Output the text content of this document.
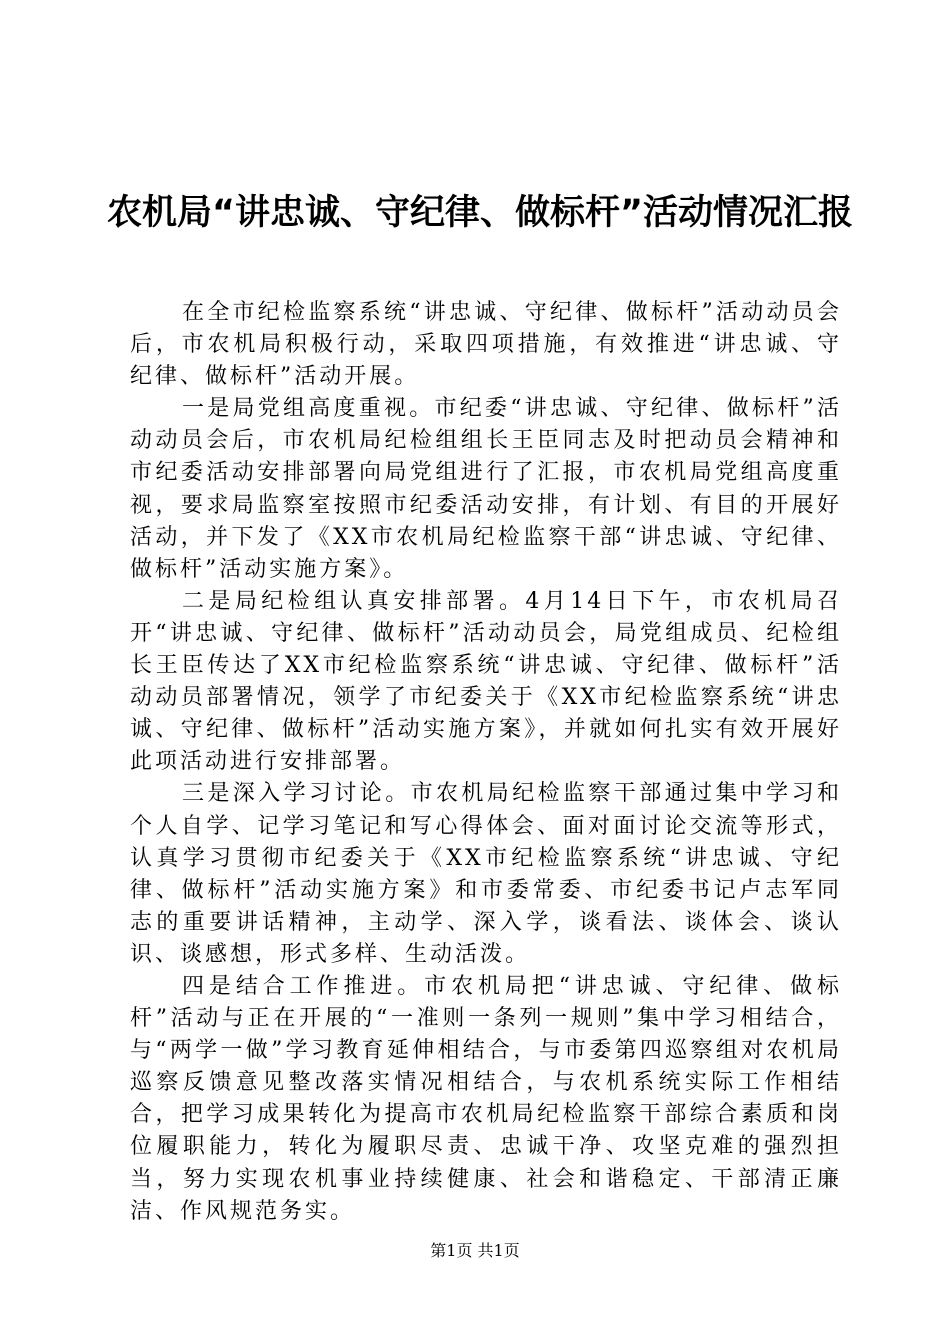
农机局“讲忠诚、守纪律、做标杆”活动情况汇报

在全市纪检监察系统“讲忠诚、守纪律、做标杆”活动动员会后，市农机局积极行动，采取四项措施，有效推进“讲忠诚、守纪律、做标杆”活动开展。

一是局党组高度重视。市纪委“讲忠诚、守纪律、做标杆”活动动员会后，市农机局纪检组组长王臣同志及时把动员会精神和市纪委活动安排部署向局党组进行了汇报，市农机局党组高度重视，要求局监察室按照市纪委活动安排，有计划、有目的开展好活动，并下发了《XX市农机局纪检监察干部“讲忠诚、守纪律、做标杆”活动实施方案》。

二是局纪检组认真安排部署。4月14日下午，市农机局召开“讲忠诚、守纪律、做标杆”活动动员会，局党组成员、纪检组长王臣传达了XX市纪检监察系统“讲忠诚、守纪律、做标杆”活动动员部署情况，领学了市纪委关于《XX市纪检监察系统“讲忠诚、守纪律、做标杆”活动实施方案》，并就如何扎实有效开展好此项活动进行安排部署。

三是深入学习讨论。市农机局纪检监察干部通过集中学习和个人自学、记学习笔记和写心得体会、面对面讨论交流等形式，认真学习贯彻市纪委关于《XX市纪检监察系统“讲忠诚、守纪律、做标杆”活动实施方案》和市委常委、市纪委书记卢志军同志的重要讲话精神，主动学、深入学，谈看法、谈体会、谈认识、谈感想，形式多样、生动活泼。

四是结合工作推进。市农机局把“讲忠诚、守纪律、做标杆”活动与正在开展的“一准则一条列一规则”集中学习相结合，与“两学一做”学习教育延伸相结合，与市委第四巡察组对农机局巡察反馈意见整改落实情况相结合，与农机系统实际工作相结合，把学习成果转化为提高市农机局纪检监察干部综合素质和岗位履职能力，转化为履职尽责、忠诚干净、攻坚克难的强烈担当，努力实现农机事业持续健康、社会和谐稳定、干部清正廉洁、作风规范务实。

第1页 共1页
